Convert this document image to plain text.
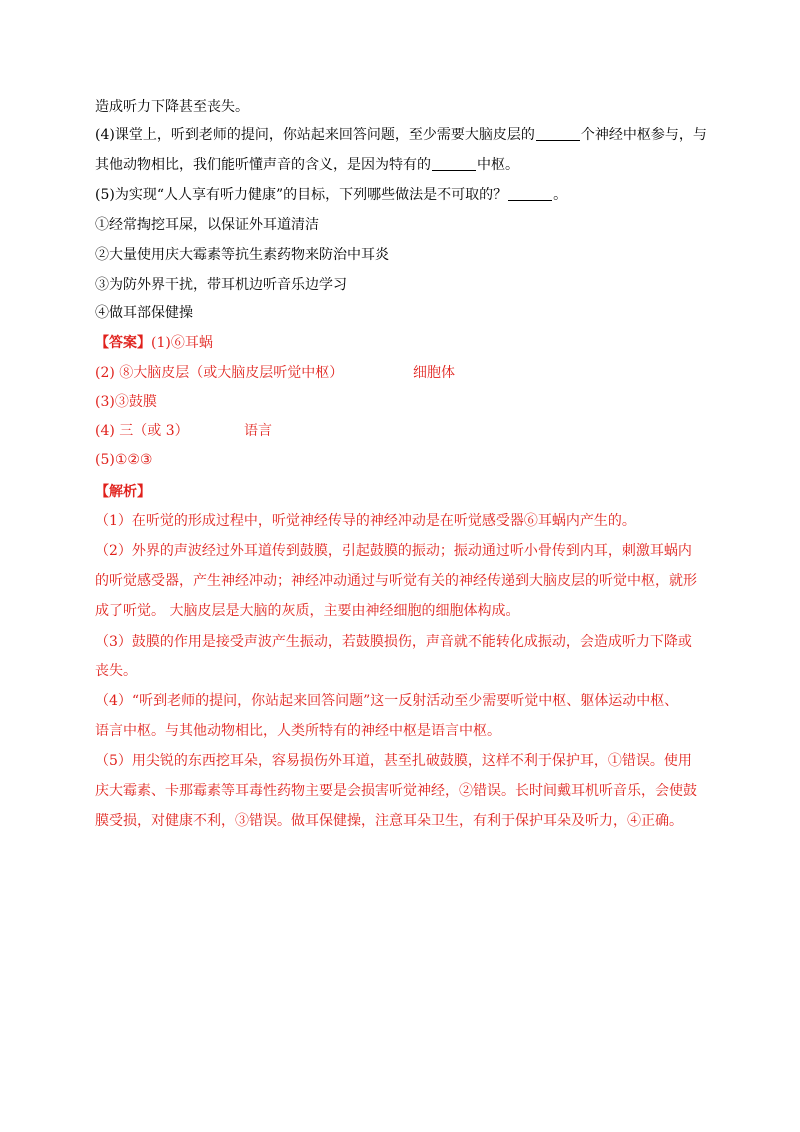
造成听力下降甚至丧失。
(4)课堂上，听到老师的提问，你站起来回答问题，至少需要大脑皮层的	个神经中枢参与，与
其他动物相比，我们能听懂声音的含义，是因为特有的	中枢。
(5)为实现“人人享有听力健康”的目标，下列哪些做法是不可取的？	。
①经常掏挖耳屎，以保证外耳道清洁
②大量使用庆大霉素等抗生素药物来防治中耳炎
③为防外界干扰，带耳机边听音乐边学习
④做耳部保健操
【答案】(1)⑥耳蜗
(2) ⑧大脑皮层（或大脑皮层听觉中枢）	细胞体
(3)③鼓膜
(4) 三（或 3）	语言
(5)①②③
【解析】
（1）在听觉的形成过程中，听觉神经传导的神经冲动是在听觉感受器⑥耳蜗内产生的。
（2）外界的声波经过外耳道传到鼓膜，引起鼓膜的振动；振动通过听小骨传到内耳，刺激耳蜗内
的听觉感受器，产生神经冲动；神经冲动通过与听觉有关的神经传递到大脑皮层的听觉中枢，就形
成了听觉。 大脑皮层是大脑的灰质，主要由神经细胞的细胞体构成。
（3）鼓膜的作用是接受声波产生振动，若鼓膜损伤，声音就不能转化成振动，会造成听力下降或
丧失。
（4）“听到老师的提问，你站起来回答问题”这一反射活动至少需要听觉中枢、躯体运动中枢、
语言中枢。与其他动物相比，人类所特有的神经中枢是语言中枢。
（5）用尖锐的东西挖耳朵，容易损伤外耳道，甚至扎破鼓膜，这样不利于保护耳，①错误。使用
庆大霉素、卡那霉素等耳毒性药物主要是会损害听觉神经，②错误。长时间戴耳机听音乐，会使鼓
膜受损，对健康不利，③错误。做耳保健操，注意耳朵卫生，有利于保护耳朵及听力，④正确。
